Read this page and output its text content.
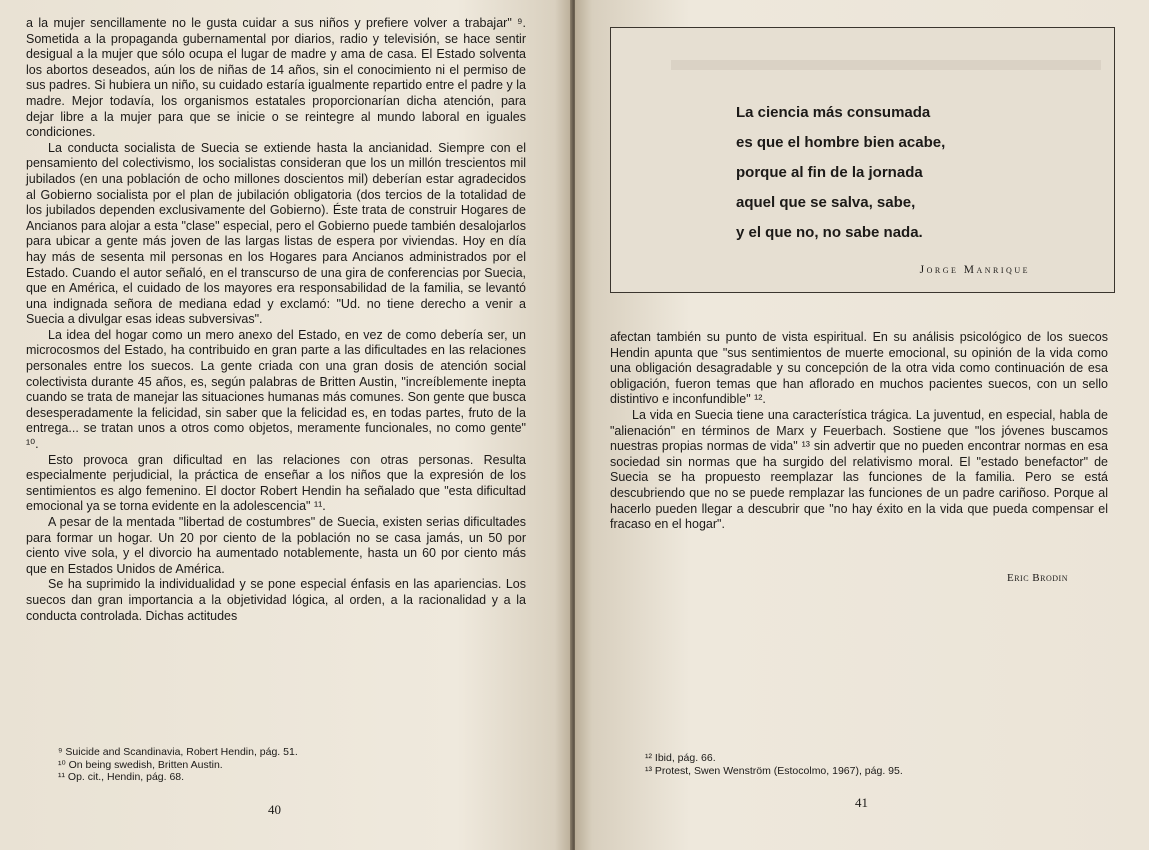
a la mujer sencillamente no le gusta cuidar a sus niños y prefiere volver a trabajar" ⁹. Sometida a la propaganda gubernamental por diarios, radio y televisión, se hace sentir desigual a la mujer que sólo ocupa el lugar de madre y ama de casa. El Estado solventa los abortos deseados, aún los de niñas de 14 años, sin el conocimiento ni el permiso de sus padres. Si hubiera un niño, su cuidado estaría igualmente repartido entre el padre y la madre. Mejor todavía, los organismos estatales proporcionarían dicha atención, para dejar libre a la mujer para que se inicie o se reintegre al mundo laboral en iguales condiciones.

La conducta socialista de Suecia se extiende hasta la ancianidad. Siempre con el pensamiento del colectivismo, los socialistas consideran que los un millón trescientos mil jubilados (en una población de ocho millones doscientos mil) deberían estar agradecidos al Gobierno socialista por el plan de jubilación obligatoria (dos tercios de la totalidad de los jubilados dependen exclusivamente del Gobierno). Éste trata de construir Hogares de Ancianos para alojar a esta "clase" especial, pero el Gobierno puede también desalojarlos para ubicar a gente más joven de las largas listas de espera por viviendas. Hoy en día hay más de sesenta mil personas en los Hogares para Ancianos administrados por el Estado. Cuando el autor señaló, en el transcurso de una gira de conferencias por Suecia, que en América, el cuidado de los mayores era responsabilidad de la familia, se levantó una indignada señora de mediana edad y exclamó: "Ud. no tiene derecho a venir a Suecia a divulgar esas ideas subversivas".

La idea del hogar como un mero anexo del Estado, en vez de como debería ser, un microcosmos del Estado, ha contribuido en gran parte a las dificultades en las relaciones personales entre los suecos. La gente criada con una gran dosis de atención social colectivista durante 45 años, es, según palabras de Britten Austin, "increíblemente inepta cuando se trata de manejar las situaciones humanas más comunes. Son gente que busca desesperadamente la felicidad, sin saber que la felicidad es, en todas partes, fruto de la entrega... se tratan unos a otros como objetos, meramente funcionales, no como gente" ¹⁰.

Esto provoca gran dificultad en las relaciones con otras personas. Resulta especialmente perjudicial, la práctica de enseñar a los niños que la expresión de los sentimientos es algo femenino. El doctor Robert Hendin ha señalado que "esta dificultad emocional ya se torna evidente en la adolescencia" ¹¹.

A pesar de la mentada "libertad de costumbres" de Suecia, existen serias dificultades para formar un hogar. Un 20 por ciento de la población no se casa jamás, un 50 por ciento vive sola, y el divorcio ha aumentado notablemente, hasta un 60 por ciento más que en Estados Unidos de América.

Se ha suprimido la individualidad y se pone especial énfasis en las apariencias. Los suecos dan gran importancia a la objetividad lógica, al orden, a la racionalidad y a la conducta controlada. Dichas actitudes

⁹ Suicide and Scandinavia, Robert Hendin, pág. 51.
¹⁰ On being swedish, Britten Austin.
¹¹ Op. cit., Hendin, pág. 68.
40
La ciencia más consumada
es que el hombre bien acabe,
porque al fin de la jornada
aquel que se salva, sabe,
y el que no, no sabe nada.
Jorge Manrique

afectan también su punto de vista espiritual. En su análisis psicológico de los suecos Hendin apunta que "sus sentimientos de muerte emocional, su opinión de la vida como una obligación desagradable y su concepción de la otra vida como continuación de esa obligación, fueron temas que han aflorado en muchos pacientes suecos, con un sello distintivo e inconfundible" ¹².

La vida en Suecia tiene una característica trágica. La juventud, en especial, habla de "alienación" en términos de Marx y Feuerbach. Sostiene que "los jóvenes buscamos nuestras propias normas de vida" ¹³ sin advertir que no pueden encontrar normas en esa sociedad sin normas que ha surgido del relativismo moral. El "estado benefactor" de Suecia se ha propuesto reemplazar las funciones de la familia. Pero se está descubriendo que no se puede remplazar las funciones de un padre cariñoso. Porque al hacerlo pueden llegar a descubrir que "no hay éxito en la vida que pueda compensar el fracaso en el hogar".

Eric Brodin
¹² Ibid, pág. 66.
¹³ Protest, Swen Wenström (Estocolmo, 1967), pág. 95.
41
